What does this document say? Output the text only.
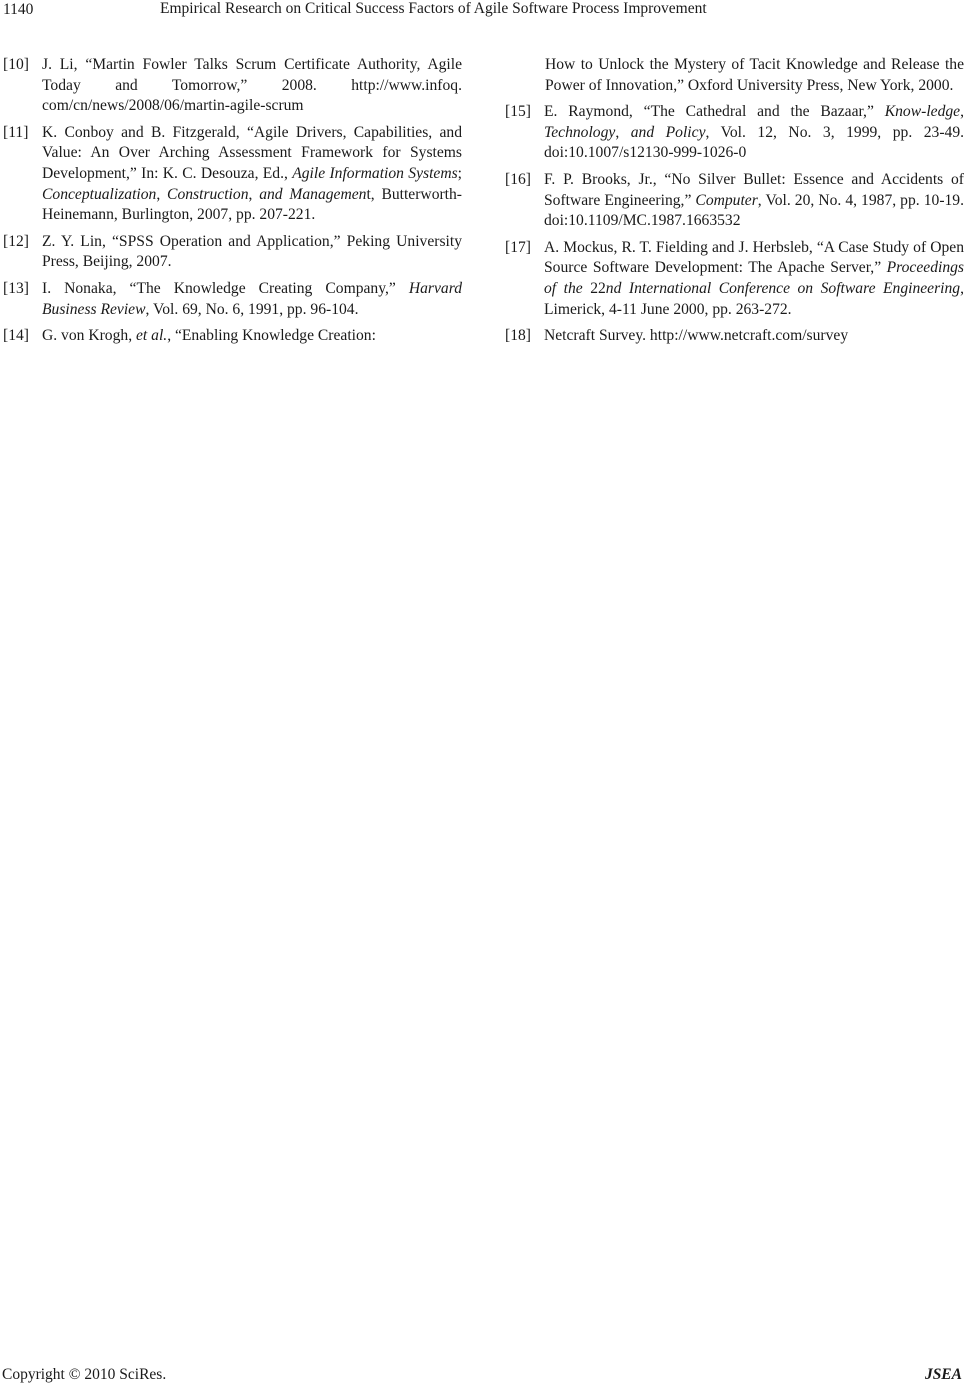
1140	Empirical Research on Critical Success Factors of Agile Software Process Improvement
[10] J. Li, “Martin Fowler Talks Scrum Certificate Authority, Agile Today and Tomorrow,” 2008. http://www.infoq. com/cn/news/2008/06/martin-agile-scrum
[11] K. Conboy and B. Fitzgerald, “Agile Drivers, Capabilities, and Value: An Over Arching Assessment Framework for Systems Development,” In: K. C. Desouza, Ed., Agile Information Systems; Conceptualization, Construction, and Management, Butterworth-Heinemann, Burlington, 2007, pp. 207-221.
[12] Z. Y. Lin, “SPSS Operation and Application,” Peking University Press, Beijing, 2007.
[13] I. Nonaka, “The Knowledge Creating Company,” Harvard Business Review, Vol. 69, No. 6, 1991, pp. 96-104.
[14] G. von Krogh, et al., “Enabling Knowledge Creation:
How to Unlock the Mystery of Tacit Knowledge and Release the Power of Innovation,” Oxford University Press, New York, 2000.
[15] E. Raymond, “The Cathedral and the Bazaar,” Know-ledge, Technology, and Policy, Vol. 12, No. 3, 1999, pp. 23-49. doi:10.1007/s12130-999-1026-0
[16] F. P. Brooks, Jr., “No Silver Bullet: Essence and Accidents of Software Engineering,” Computer, Vol. 20, No. 4, 1987, pp. 10-19. doi:10.1109/MC.1987.1663532
[17] A. Mockus, R. T. Fielding and J. Herbsleb, “A Case Study of Open Source Software Development: The Apache Server,” Proceedings of the 22nd International Conference on Software Engineering, Limerick, 4-11 June 2000, pp. 263-272.
[18] Netcraft Survey. http://www.netcraft.com/survey
Copyright © 2010 SciRes.	JSEA
